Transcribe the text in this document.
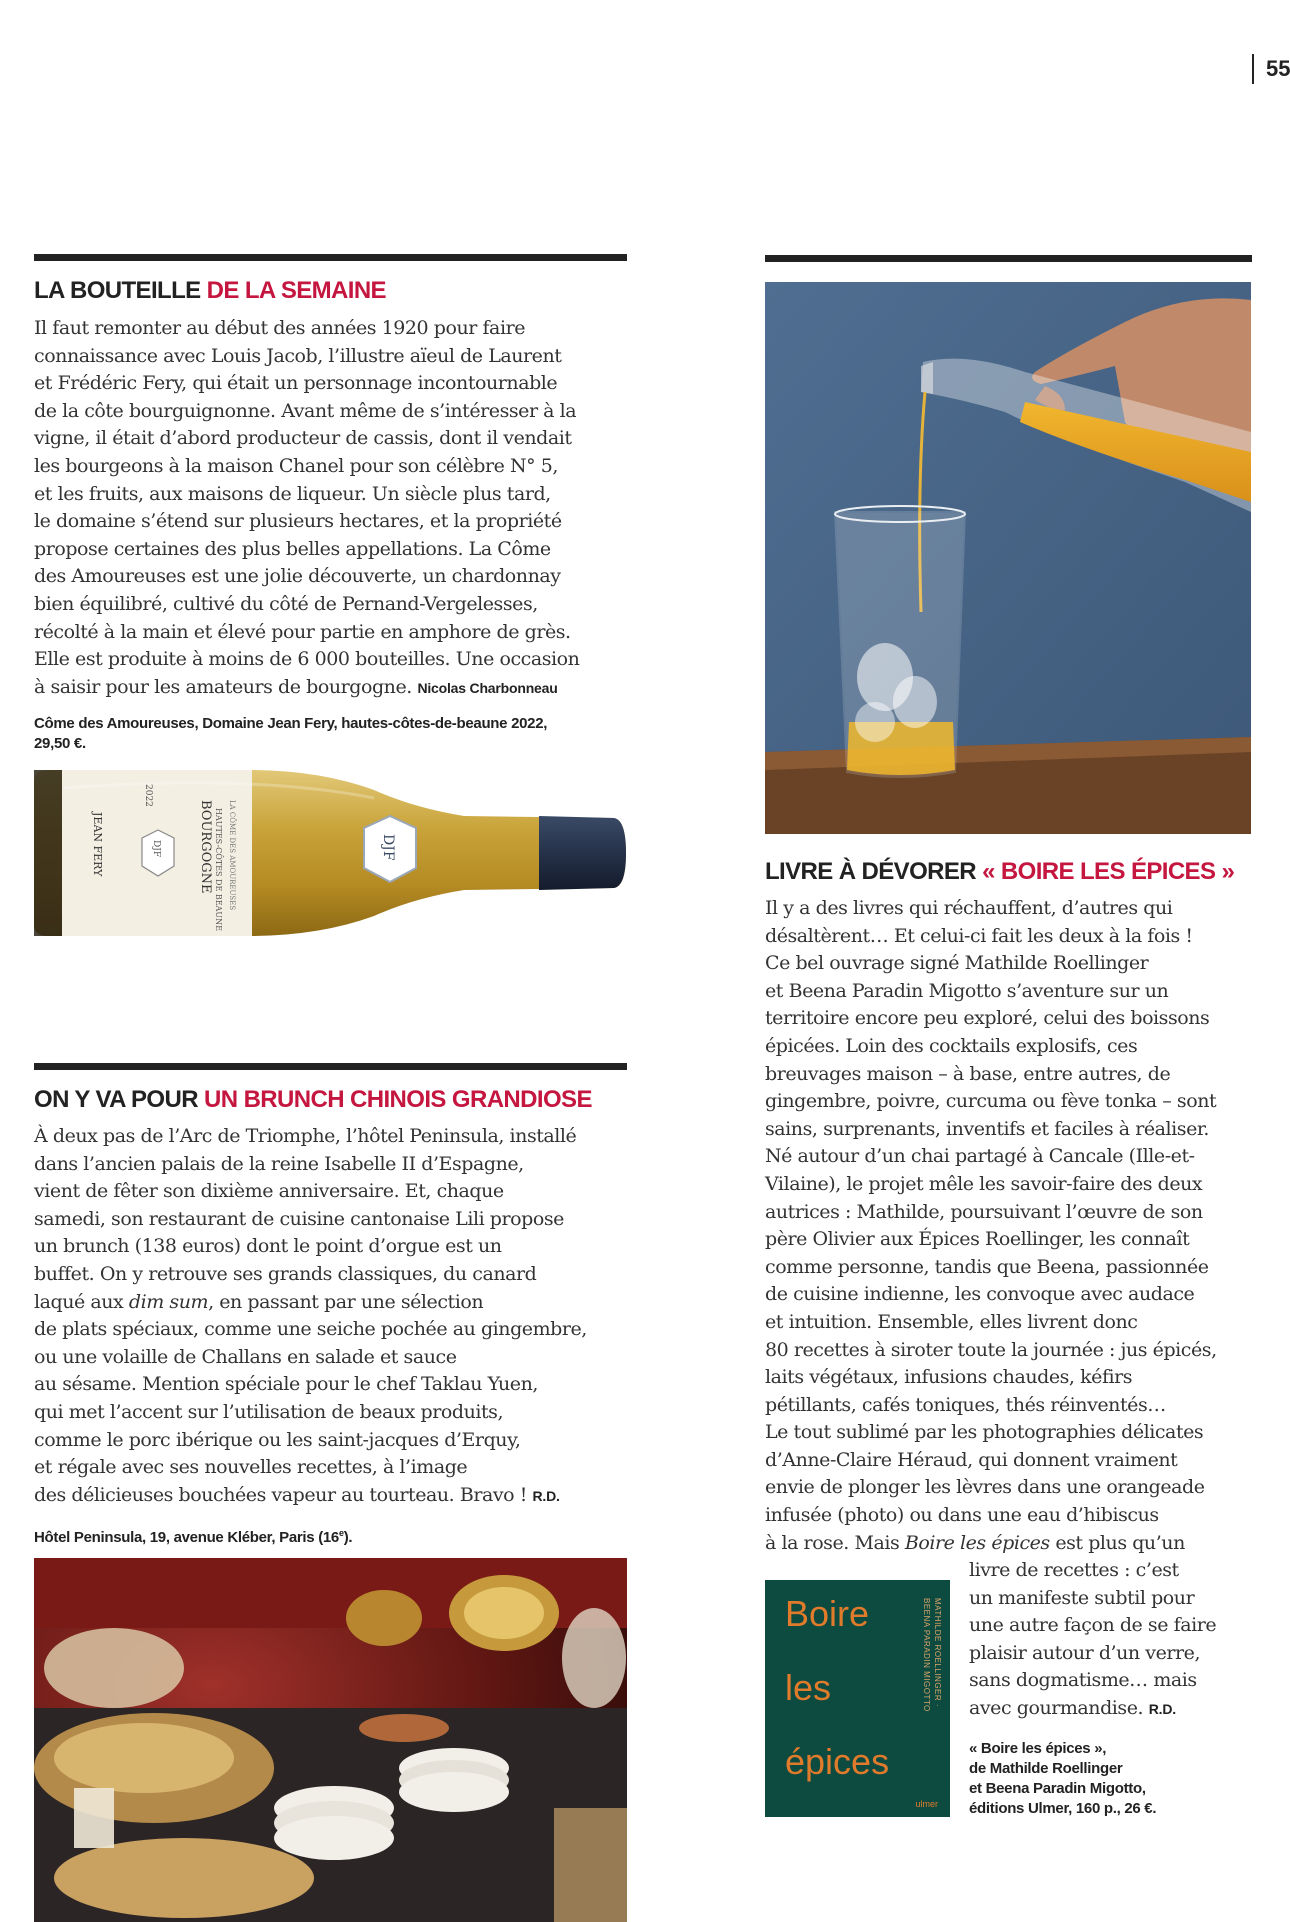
55
LA BOUTEILLE DE LA SEMAINE

Il faut remonter au début des années 1920 pour faire

connaissance avec Louis Jacob, l’illustre aïeul de Laurent

et Frédéric Fery, qui était un personnage incontournable

de la côte bourguignonne. Avant même de s’intéresser à la

vigne, il était d’abord producteur de cassis, dont il vendait

les bourgeons à la maison Chanel pour son célèbre N° 5,

et les fruits, aux maisons de liqueur. Un siècle plus tard,

le domaine s’étend sur plusieurs hectares, et la propriété

propose certaines des plus belles appellations. La Côme

des Amoureuses est une jolie découverte, un chardonnay

bien équilibré, cultivé du côté de Pernand-Vergelesses,

récolté à la main et élevé pour partie en amphore de grès.

Elle est produite à moins de 6 000 bouteilles. Une occasion

à saisir pour les amateurs de bourgogne. Nicolas Charbonneau

Côme des Amoureuses, Domaine Jean Fery, hautes-côtes-de-beaune 2022,
29,50 €.
BOURGOGNE HAUTES-CÔTES DE BEAUNE LA CÔME DES AMOUREUSES
JEAN FERY
2022
DJF	DJF
ON Y VA POUR UN BRUNCH CHINOIS GRANDIOSE

À deux pas de l’Arc de Triomphe, l’hôtel Peninsula, installé

dans l’ancien palais de la reine Isabelle II d’Espagne,

vient de fêter son dixième anniversaire. Et, chaque

samedi, son restaurant de cuisine cantonaise Lili propose

un brunch (138 euros) dont le point d’orgue est un

buffet. On y retrouve ses grands classiques, du canard

laqué aux dim sum, en passant par une sélection

de plats spéciaux, comme une seiche pochée au gingembre,

ou une volaille de Challans en salade et sauce

au sésame. Mention spéciale pour le chef Taklau Yuen,

qui met l’accent sur l’utilisation de beaux produits,

comme le porc ibérique ou les saint-jacques d’Erquy,

et régale avec ses nouvelles recettes, à l’image

des délicieuses bouchées vapeur au tourteau. Bravo ! R.D.

Hôtel Peninsula, 19, avenue Kléber, Paris (16e).
LIVRE À DÉVORER « BOIRE LES ÉPICES »

Il y a des livres qui réchauffent, d’autres qui

désaltèrent… Et celui-ci fait les deux à la fois !

Ce bel ouvrage signé Mathilde Roellinger

et Beena Paradin Migotto s’aventure sur un

territoire encore peu exploré, celui des boissons

épicées. Loin des cocktails explosifs, ces

breuvages maison – à base, entre autres, de

gingembre, poivre, curcuma ou fève tonka – sont

sains, surprenants, inventifs et faciles à réaliser.

Né autour d’un chai partagé à Cancale (Ille-et-

Vilaine), le projet mêle les savoir-faire des deux

autrices : Mathilde, poursuivant l’œuvre de son

père Olivier aux Épices Roellinger, les connaît

comme personne, tandis que Beena, passionnée

de cuisine indienne, les convoque avec audace

et intuition. Ensemble, elles livrent donc

80 recettes à siroter toute la journée : jus épicés,

laits végétaux, infusions chaudes, kéfirs

pétillants, cafés toniques, thés réinventés…

Le tout sublimé par les photographies délicates

d’Anne-Claire Héraud, qui donnent vraiment

envie de plonger les lèvres dans une orangeade

infusée (photo) ou dans une eau d’hibiscus

à la rose. Mais Boire les épices est plus qu’un

livre de recettes : c’est

un manifeste subtil pour

une autre façon de se faire

plaisir autour d’un verre,

sans dogmatisme… mais

avec gourmandise. R.D.

« Boire les épices »,
de Mathilde Roellinger
et Beena Paradin Migotto,
éditions Ulmer, 160 p., 26 €.
Boire
les
épices
MATHILDE ROELLINGER · BEENA PARADIN MIGOTTO
ulmer
